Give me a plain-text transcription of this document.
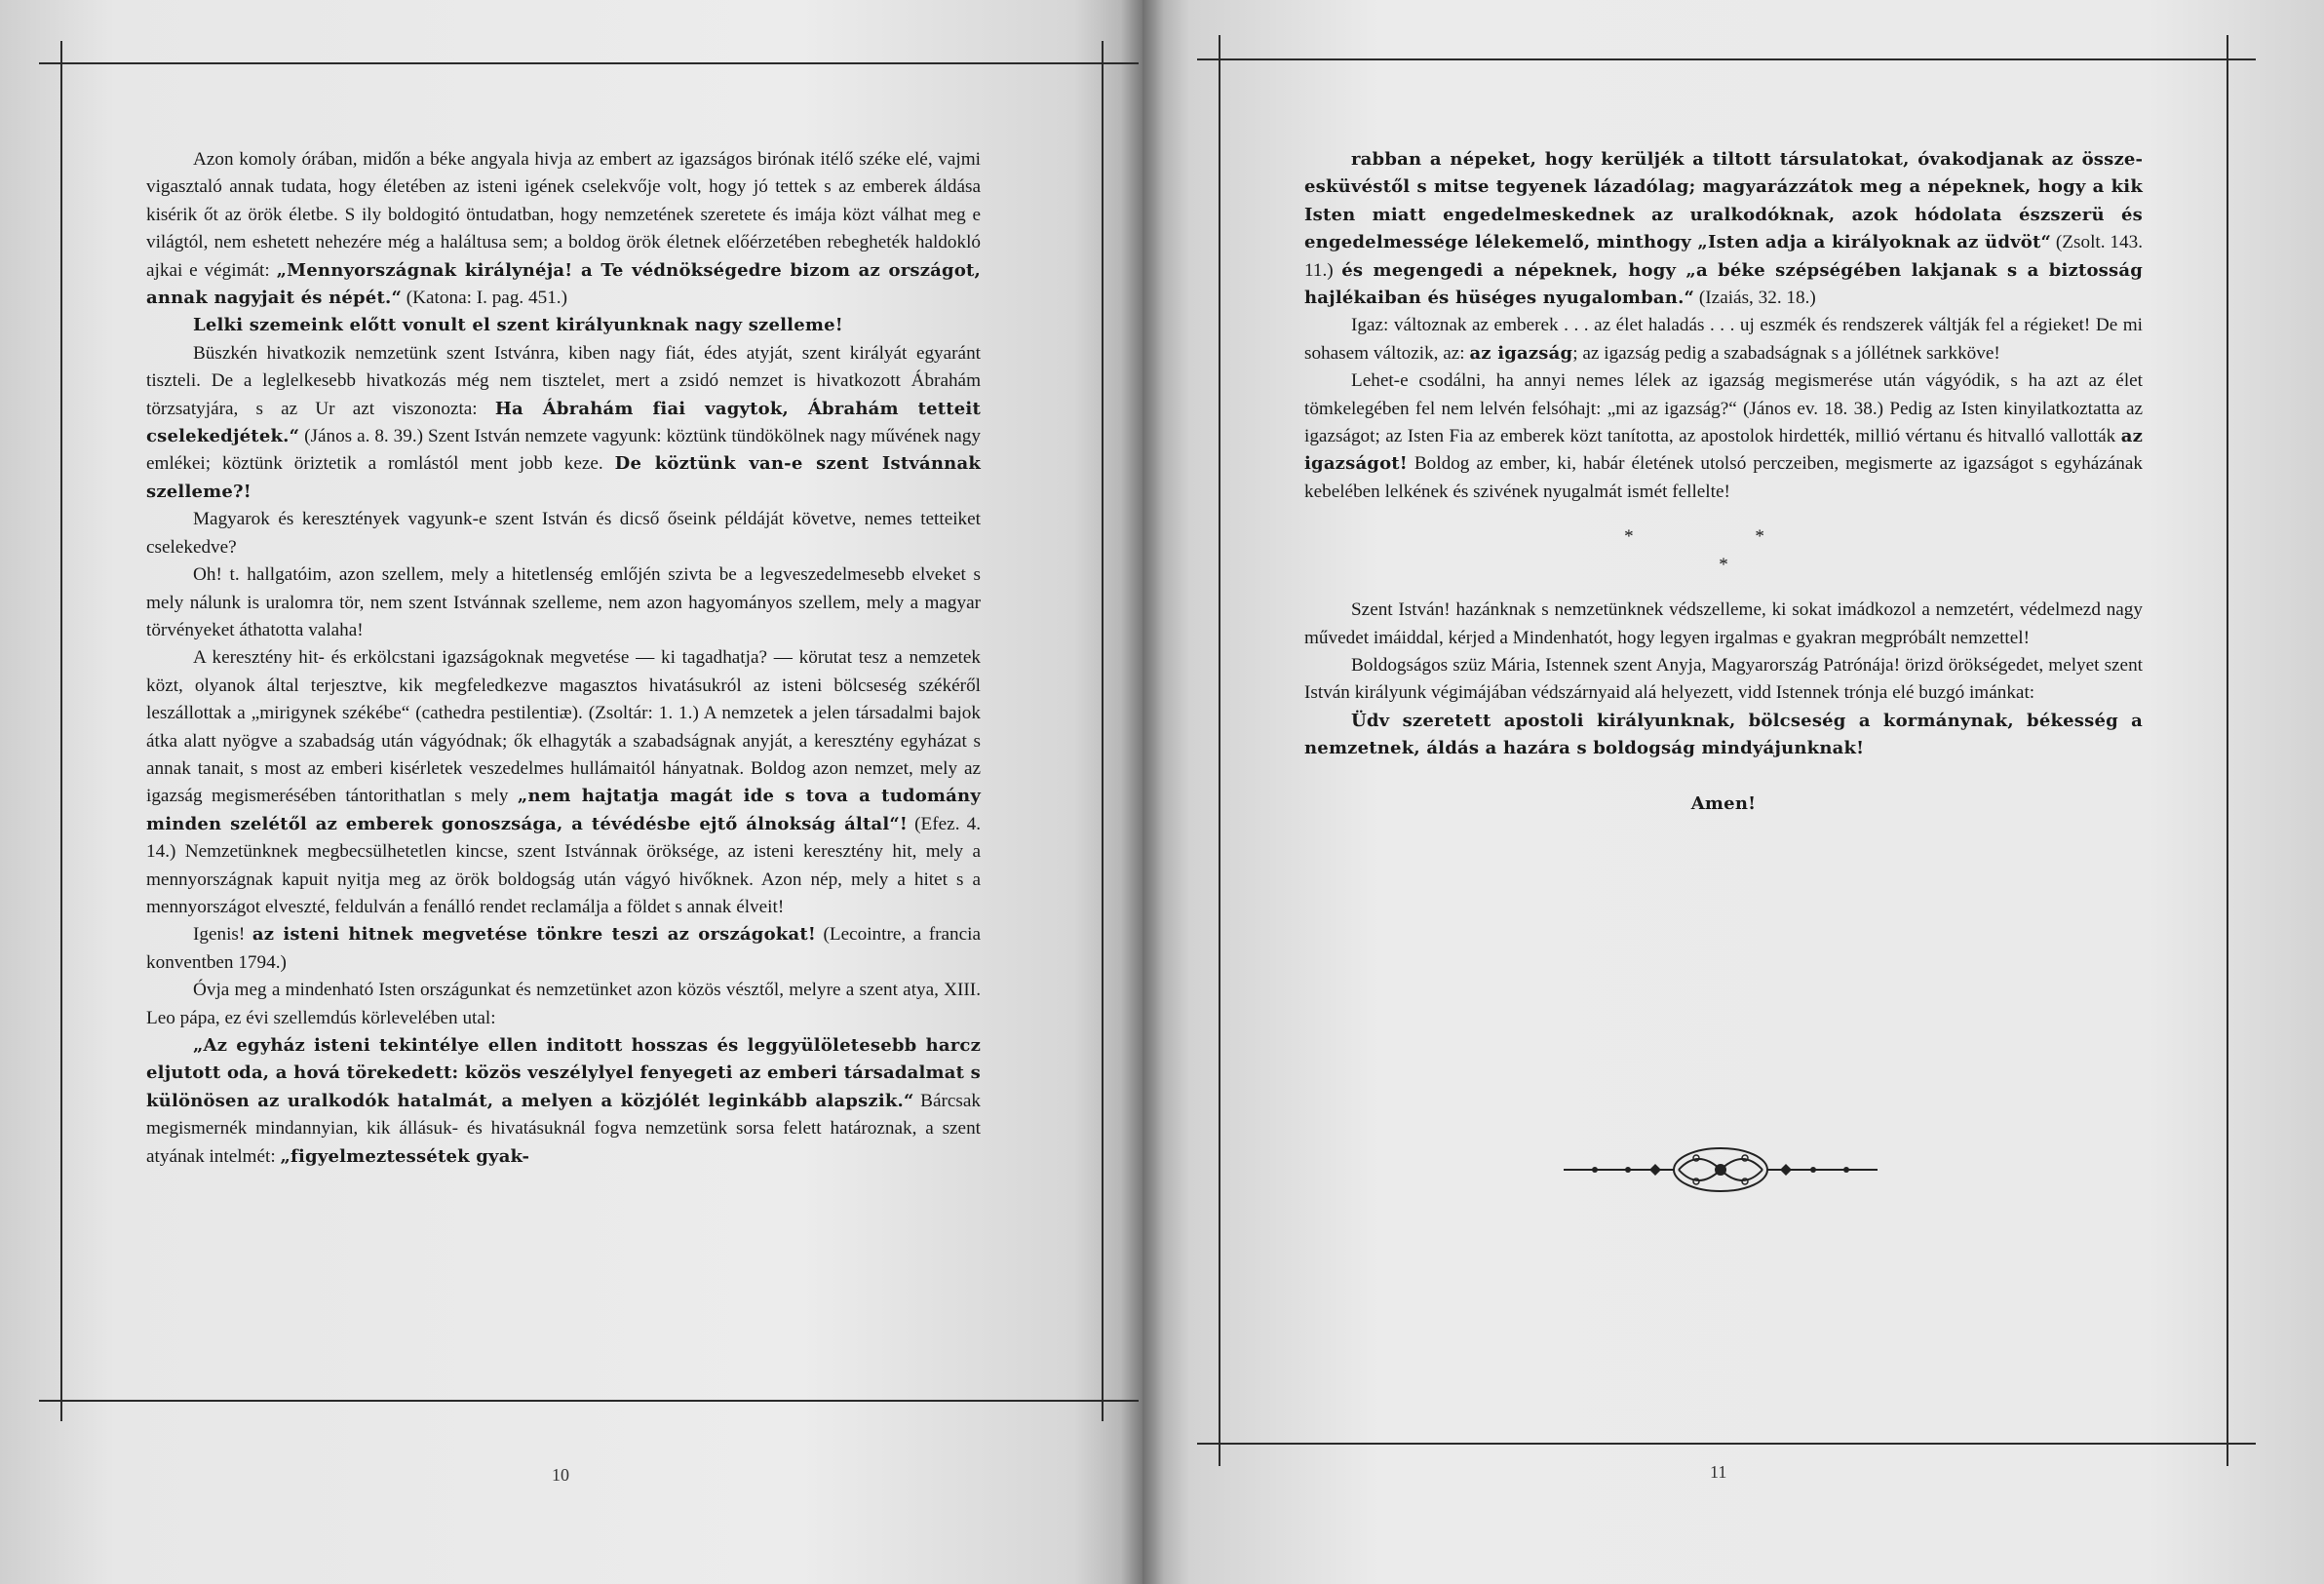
Azon komoly órában, midőn a béke angyala hivja az embert az igazságos birónak itélő széke elé, vajmi vigasztaló annak tudata, hogy életében az isteni igének cselekvője volt, hogy jó tettek s az emberek áldása kisérik őt az örök életbe. S ily boldogitó öntudatban, hogy nemzetének szeretete és imája közt válhat meg e világtól, nem eshetett nehezére még a haláltusa sem; a boldog örök életnek előérzetében rebegheték haldokló ajkai e végimát: „Mennyországnak királynéja! a Te védnökségedre bizom az országot, annak nagyjait és népét.“ (Katona: I. pag. 451.)

Lelki szemeink előtt vonult el szent királyunknak nagy szelleme!

Büszkén hivatkozik nemzetünk szent Istvánra, kiben nagy fiát, édes atyját, szent királyát egyaránt tiszteli. De a leglelkesebb hivatkozás még nem tisztelet, mert a zsidó nemzet is hivatkozott Ábrahám törzsatyjára, s az Ur azt viszonozta: Ha Ábrahám fiai vagytok, Ábrahám tetteit cselekedjétek.“ (János a. 8. 39.) Szent István nemzete vagyunk: köztünk tündökölnek nagy művének nagy emlékei; köztünk öriztetik a romlástól ment jobb keze. De köztünk van-e szent Istvánnak szelleme?!

Magyarok és keresztények vagyunk-e szent István és dicső őseink példáját követve, nemes tetteiket cselekedve?

Oh! t. hallgatóim, azon szellem, mely a hitetlenség emlőjén szivta be a legveszedelmesebb elveket s mely nálunk is uralomra tör, nem szent Istvánnak szelleme, nem azon hagyományos szellem, mely a magyar törvényeket áthatotta valaha!

A keresztény hit- és erkölcstani igazságoknak megvetése — ki tagadhatja? — körutat tesz a nemzetek közt, olyanok által terjesztve, kik megfeledkezve magasztos hivatásukról az isteni bölcseség székéről leszállottak a „mirigynek székébe“ (cathedra pestilentiæ). (Zsoltár: 1. 1.) A nemzetek a jelen társadalmi bajok átka alatt nyögve a szabadság után vágyódnak; ők elhagyták a szabadságnak anyját, a keresztény egyházat s annak tanait, s most az emberi kisérletek veszedelmes hullámaitól hányatnak. Boldog azon nemzet, mely az igazság megismerésében tántorithatlan s mely „nem hajtatja magát ide s tova a tudomány minden szelétől az emberek gonoszsága, a tévédésbe ejtő álnokság által“! (Efez. 4. 14.) Nemzetünknek megbecsülhetetlen kincse, szent Istvánnak öröksége, az isteni keresztény hit, mely a mennyországnak kapuit nyitja meg az örök boldogság után vágyó hivőknek. Azon nép, mely a hitet s a mennyországot elveszté, feldulván a fenálló rendet reclamálja a földet s annak élveit!

Igenis! az isteni hitnek megvetése tönkre teszi az országokat! (Lecointre, a francia konventben 1794.)

Óvja meg a mindenható Isten országunkat és nemzetünket azon közös vésztől, melyre a szent atya, XIII. Leo pápa, ez évi szellemdús körlevelében utal:

„Az egyház isteni tekintélye ellen inditott hosszas és leggyülöletesebb harcz eljutott oda, a hová törekedett: közös veszélylyel fenyegeti az emberi társadalmat s különösen az uralkodók hatalmát, a melyen a közjólét leginkább alapszik.“ Bárcsak megismernék mindannyian, kik állásuk- és hivatásuknál fogva nemzetünk sorsa felett határoznak, a szent atyának intelmét: „figyelmeztessétek gyak-

10

rabban a népeket, hogy kerüljék a tiltott társulatokat, óvakodjanak az összeesküvéstől s mitse tegyenek lázadólag; magyarázzátok meg a népeknek, hogy a kik Isten miatt engedelmeskednek az uralkodóknak, azok hódolata észszerü és engedelmessége lélekemelő, minthogy „Isten adja a királyoknak az üdvöt“ (Zsolt. 143. 11.) és megengedi a népeknek, hogy „a béke szépségében lakjanak s a biztosság hajlékaiban és hüséges nyugalomban.“ (Izaiás, 32. 18.)

Igaz: változnak az emberek . . . az élet haladás . . . uj eszmék és rendszerek váltják fel a régieket! De mi sohasem változik, az: az igazság; az igazság pedig a szabadságnak s a jóllétnek sarkköve!

Lehet-e csodálni, ha annyi nemes lélek az igazság megismerése után vágyódik, s ha azt az élet tömkelegében fel nem lelvén felsóhajt: „mi az igazság?“ (János ev. 18. 38.) Pedig az Isten kinyilatkoztatta az igazságot; az Isten Fia az emberek közt tanította, az apostolok hirdették, millió vértanu és hitvalló vallották az igazságot! Boldog az ember, ki, habár életének utolsó perczeiben, megismerte az igazságot s egyházának kebelében lelkének és szivének nyugalmát ismét fellelte!

* *
*

Szent István! hazánknak s nemzetünknek védszelleme, ki sokat imádkozol a nemzetért, védelmezd nagy művedet imáiddal, kérjed a Mindenhatót, hogy legyen irgalmas e gyakran megpróbált nemzettel!

Boldogságos szüz Mária, Istennek szent Anyja, Magyarország Patrónája! örizd örökségedet, melyet szent István királyunk végimájában védszárnyaid alá helyezett, vidd Istennek trónja elé buzgó imánkat:

Üdv szeretett apostoli királyunknak, bölcseség a kormánynak, békesség a nemzetnek, áldás a hazára s boldogság mindyájunknak!

Amen!
11
